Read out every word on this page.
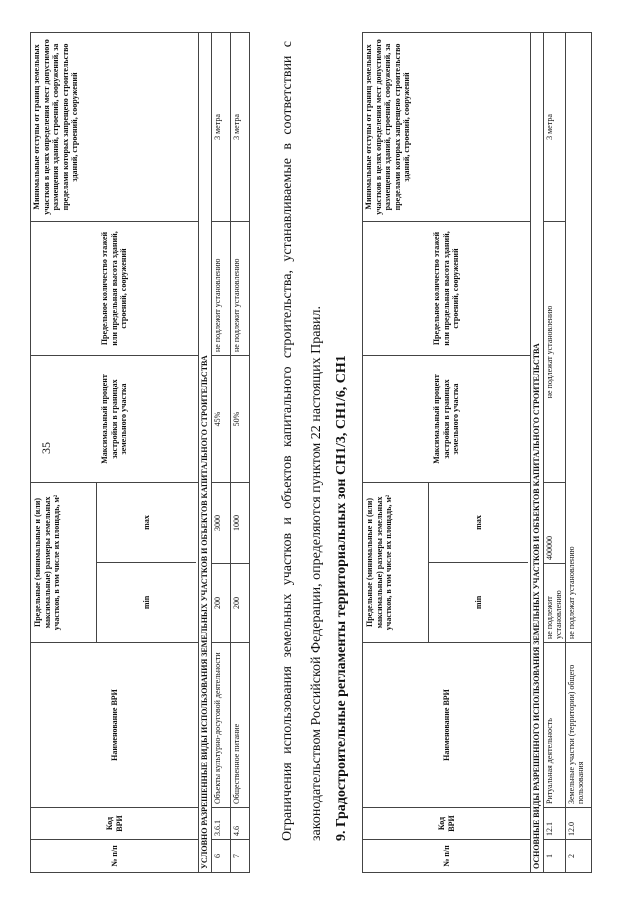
35
№ п/п	Код ВРИ	Наименование ВРИ	Предельные (минимальные и (или) максимальные) размеры земельных участков, в том числе их площадь, м² min
max		Максимальный процент застройки в границах земельного участка	Предельное количество этажей или предельная высота зданий, строений, сооружений	Минимальные отступы от границ земельных участков в целях определения мест допустимого размещения зданий, строений, сооружений, за пределами которых запрещено строительство зданий, строений, сооружений
УСЛОВНО РАЗРЕШЕННЫЕ ВИДЫ ИСПОЛЬЗОВАНИЯ ЗЕМЕЛЬНЫХ УЧАСТКОВ И ОБЪЕКТОВ КАПИТАЛЬНОГО СТРОИТЕЛЬСТВА							
6	3.6.1	Объекты культурно-досуговой деятельности	200	3000	45%	не подлежит установлению	3 метра
7	4.6	Общественное питание	200	1000	50%	не подлежит установлению	3 метра	Ограничения использования земельных участков и объектов капитального строительства, устанавливаемые в соответствии с законодательством Российской Федерации, определяются пунктом 22 настоящих Правил. 9. Градостроительные регламенты территориальных зон СН1/3, СН1/6, СН1
№ п/п	Код ВРИ	Наименование ВРИ	Предельные (минимальные и (или) максимальные) размеры земельных участков, в том числе их площадь, м² min
max		Максимальный процент застройки в границах земельного участка	Предельное количество этажей или предельная высота зданий, строений, сооружений	Минимальные отступы от границ земельных участков в целях определения мест допустимого размещения зданий, строений, сооружений, за пределами которых запрещено строительство зданий, строений, сооружений
ОСНОВНЫЕ ВИДЫ РАЗРЕШЕННОГО ИСПОЛЬЗОВАНИЯ ЗЕМЕЛЬНЫХ УЧАСТКОВ И ОБЪЕКТОВ КАПИТАЛЬНОГО СТРОИТЕЛЬСТВА							
1	12.1	Ритуальная деятельность	не подлежит установлению	400000	не подлежат установлению		3 метра
2	12.0	Земельные участки (территории) общего пользования	не подлежат установлению				
